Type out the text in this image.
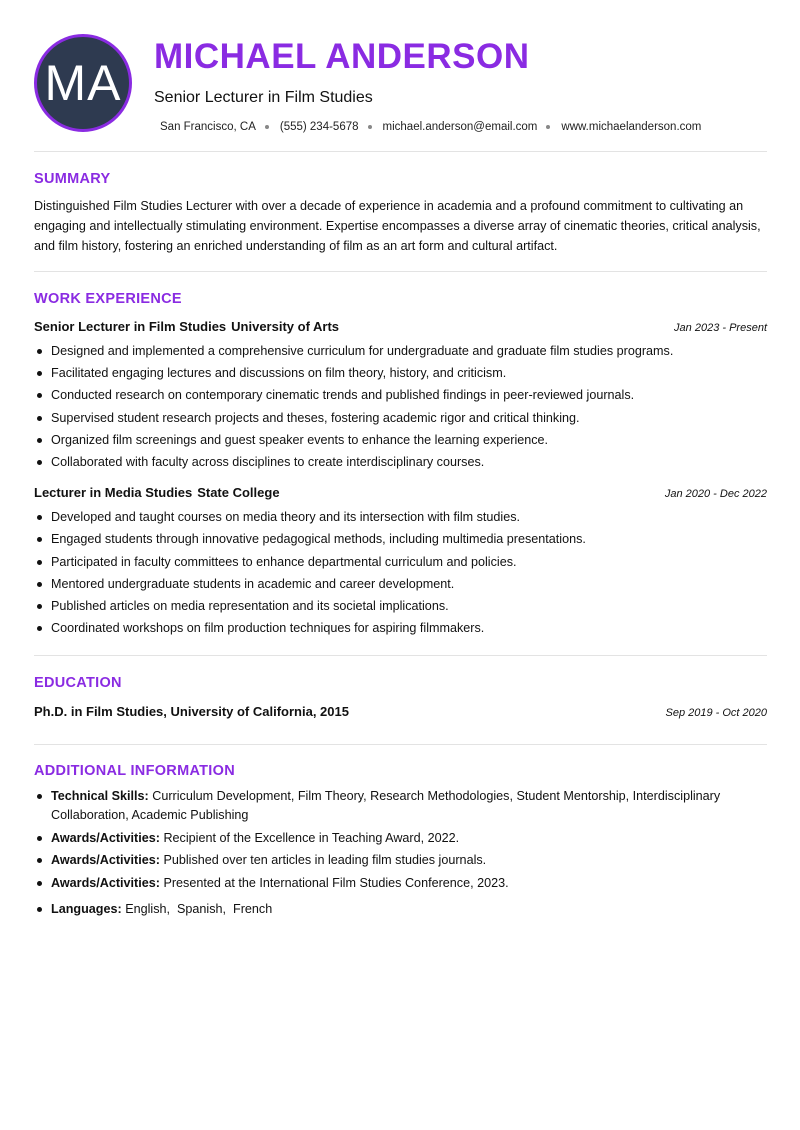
MA MICHAEL ANDERSON
Senior Lecturer in Film Studies
San Francisco, CA (555) 234-5678 michael.anderson@email.com www.michaelanderson.com
SUMMARY

Distinguished Film Studies Lecturer with over a decade of experience in academia and a profound commitment to cultivating an engaging and intellectually stimulating environment. Expertise encompasses a diverse array of cinematic theories, critical analysis, and film history, fostering an enriched understanding of film as an art form and cultural artifact.

WORK EXPERIENCE
Senior Lecturer in Film Studies University of Arts	Jan 2023 - Present
Designed and implemented a comprehensive curriculum for undergraduate and graduate film studies programs.
Facilitated engaging lectures and discussions on film theory, history, and criticism.
Conducted research on contemporary cinematic trends and published findings in peer-reviewed journals.
Supervised student research projects and theses, fostering academic rigor and critical thinking.
Organized film screenings and guest speaker events to enhance the learning experience.
Collaborated with faculty across disciplines to create interdisciplinary courses.
Lecturer in Media Studies State College	Jan 2020 - Dec 2022
Developed and taught courses on media theory and its intersection with film studies.
Engaged students through innovative pedagogical methods, including multimedia presentations.
Participated in faculty committees to enhance departmental curriculum and policies.
Mentored undergraduate students in academic and career development.
Published articles on media representation and its societal implications.
Coordinated workshops on film production techniques for aspiring filmmakers.
EDUCATION
Ph.D. in Film Studies, University of California, 2015	Sep 2019 - Oct 2020
ADDITIONAL INFORMATION
Technical Skills: Curriculum Development, Film Theory, Research Methodologies, Student Mentorship, Interdisciplinary Collaboration, Academic Publishing
Awards/Activities: Recipient of the Excellence in Teaching Award, 2022.
Awards/Activities: Published over ten articles in leading film studies journals.
Awards/Activities: Presented at the International Film Studies Conference, 2023.
Languages: English,  Spanish,  French
